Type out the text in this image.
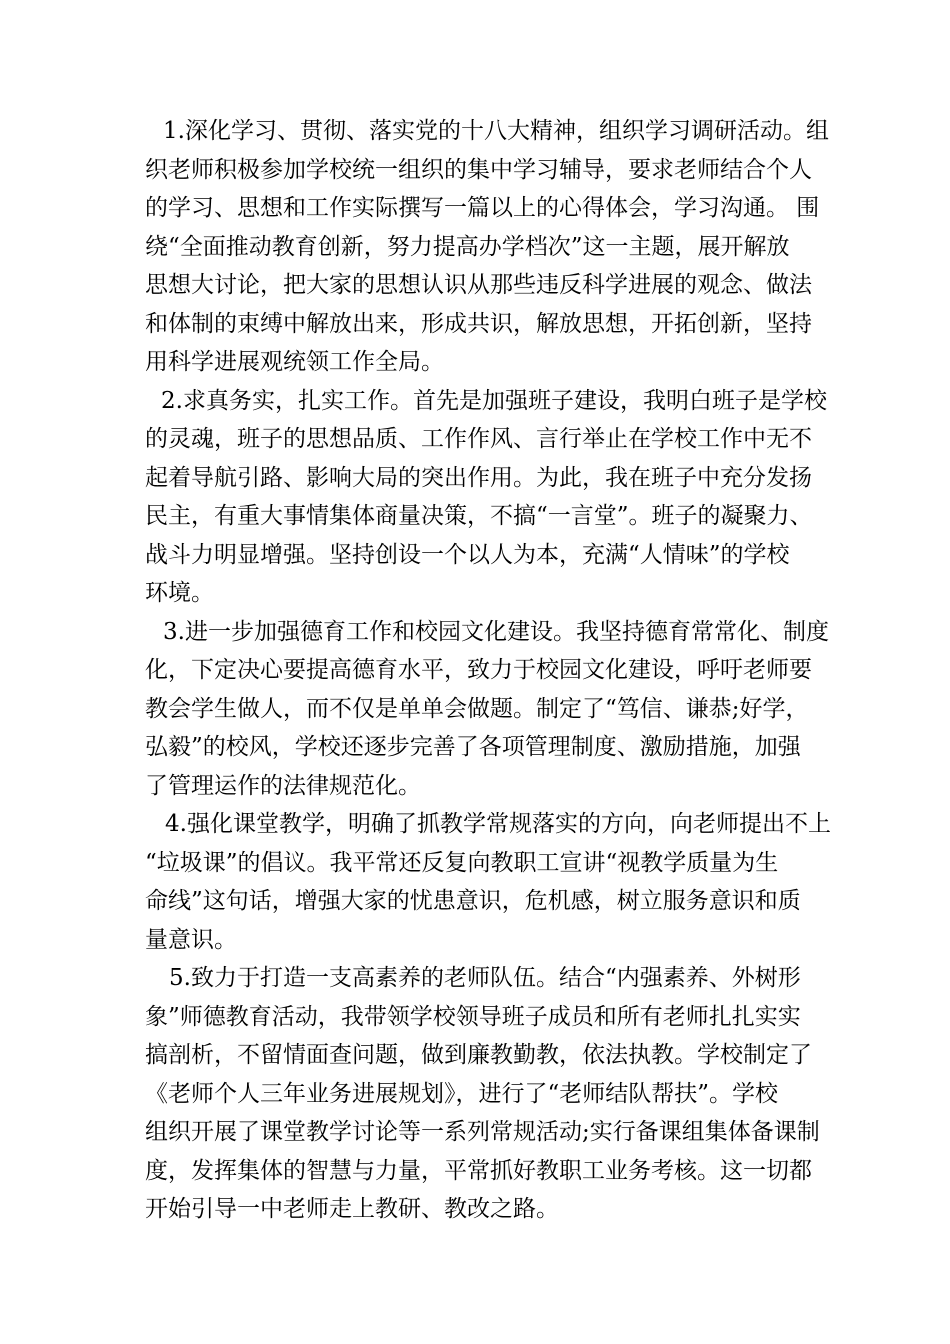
1.深化学习、贯彻、落实党的十八大精神，组织学习调研活动。组
织老师积极参加学校统一组织的集中学习辅导，要求老师结合个人
的学习、思想和工作实际撰写一篇以上的心得体会，学习沟通。 围
绕“全面推动教育创新，努力提高办学档次”这一主题，展开解放
思想大讨论，把大家的思想认识从那些违反科学进展的观念、做法
和体制的束缚中解放出来，形成共识，解放思想，开拓创新，坚持
用科学进展观统领工作全局。
2.求真务实，扎实工作。首先是加强班子建设，我明白班子是学校
的灵魂，班子的思想品质、工作作风、言行举止在学校工作中无不
起着导航引路、影响大局的突出作用。为此，我在班子中充分发扬
民主，有重大事情集体商量决策，不搞“一言堂”。班子的凝聚力、
战斗力明显增强。坚持创设一个以人为本，充满“人情味”的学校
环境。
3.进一步加强德育工作和校园文化建设。我坚持德育常常化、制度
化，下定决心要提高德育水平，致力于校园文化建设，呼吁老师要
教会学生做人，而不仅是单单会做题。制定了“笃信、谦恭;好学，
弘毅”的校风，学校还逐步完善了各项管理制度、激励措施，加强
了管理运作的法律规范化。
4.强化课堂教学，明确了抓教学常规落实的方向，向老师提出不上
“垃圾课”的倡议。我平常还反复向教职工宣讲“视教学质量为生
命线”这句话，增强大家的忧患意识，危机感，树立服务意识和质
量意识。
5.致力于打造一支高素养的老师队伍。结合“内强素养、外树形
象”师德教育活动，我带领学校领导班子成员和所有老师扎扎实实
搞剖析，不留情面查问题，做到廉教勤教，依法执教。学校制定了
《老师个人三年业务进展规划》，进行了“老师结队帮扶”。学校
组织开展了课堂教学讨论等一系列常规活动;实行备课组集体备课制
度，发挥集体的智慧与力量，平常抓好教职工业务考核。这一切都
开始引导一中老师走上教研、教改之路。
